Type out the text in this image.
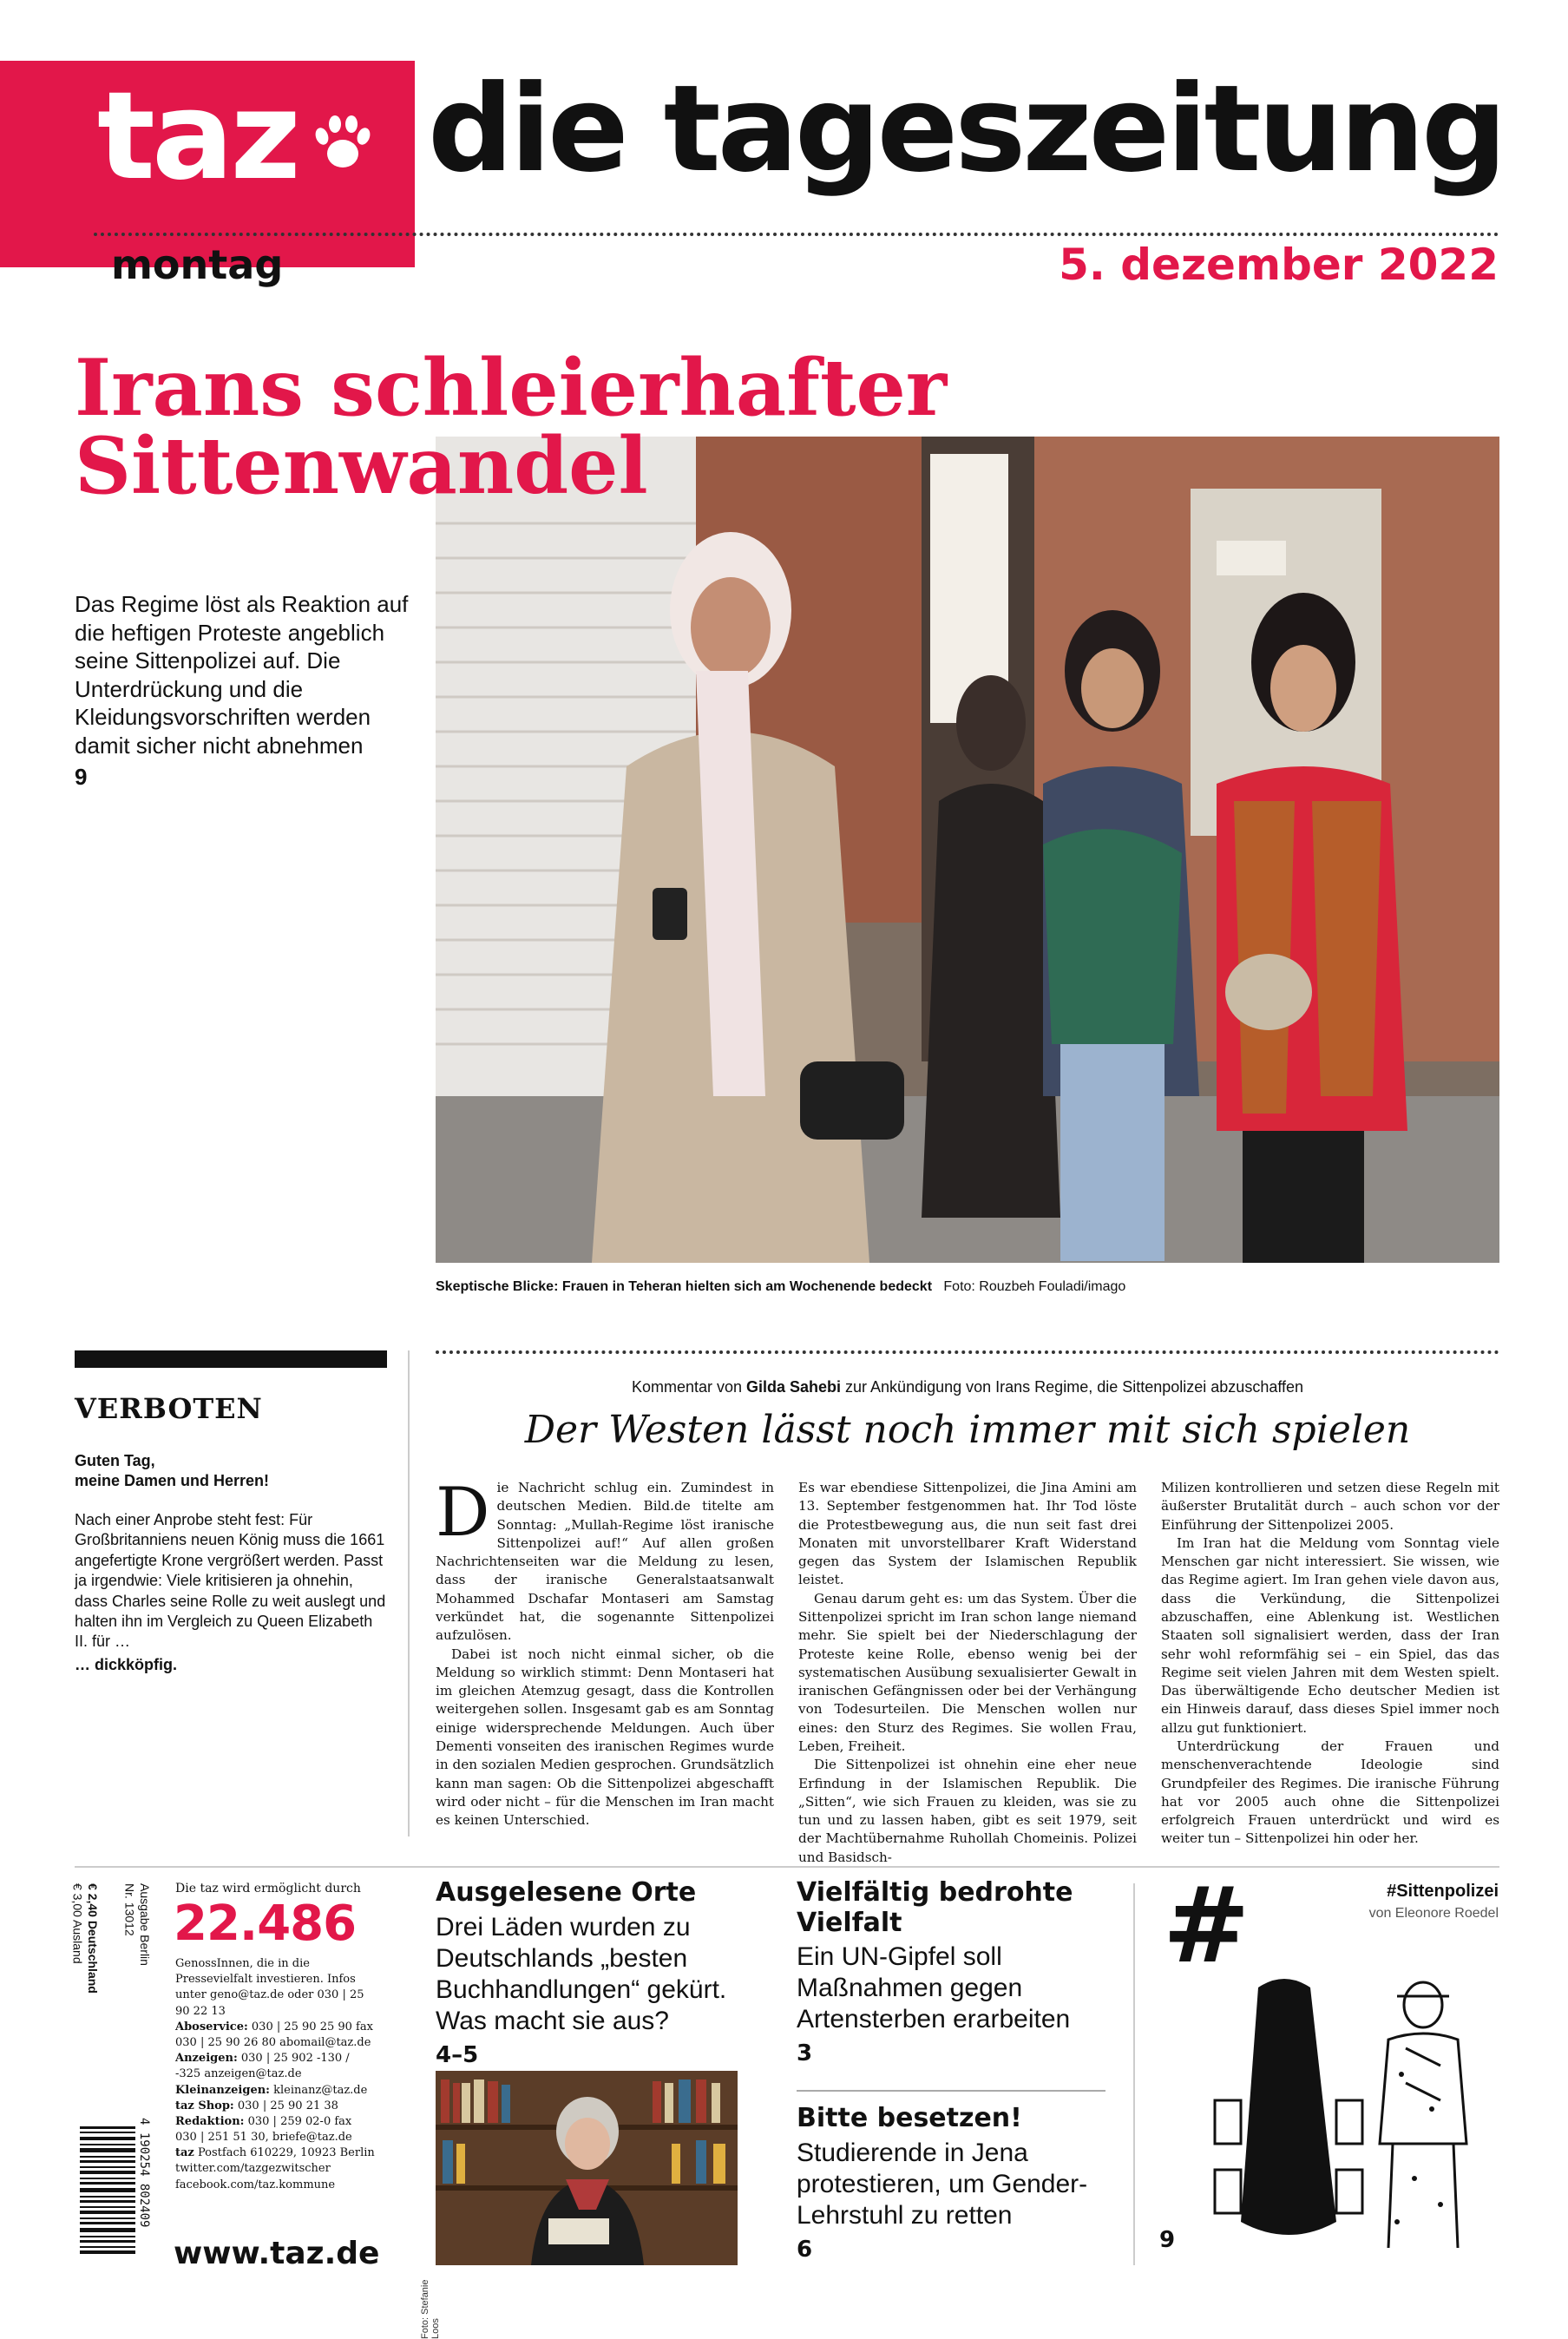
taz die tageszeitung
montag	5. dezember 2022
Irans schleierhafter
Sittenwandel
Das Regime löst als Reaktion auf die heftigen Proteste angeblich seine Sittenpolizei auf. Die Unterdrückung und die Kleidungsvorschriften werden damit sicher nicht abnehmen
9
Skeptische Blicke: Frauen in Teheran hielten sich am Wochenende bedeckt Foto: Rouzbeh Fouladi/imago
VERBOTEN
Guten Tag,
meine Damen und Herren!
Nach einer Anprobe steht fest: Für Großbritanniens neuen König muss die 1661 angefertigte Krone vergrößert werden. Passt ja irgendwie: Viele kritisieren ja ohnehin, dass Charles seine Rolle zu weit auslegt und halten ihn im Vergleich zu Queen Elizabeth II. für …
… dickköpfig.
Kommentar von Gilda Sahebi zur Ankündigung von Irans Regime, die Sittenpolizei abzuschaffen
Der Westen lässt noch immer mit sich spielen
D ie Nachricht schlug ein. Zumindest in deutschen Medien. Bild.de titelte am Sonntag: „Mullah-Regime löst iranische Sittenpolizei auf!“ Auf allen großen Nachrichtenseiten war die Meldung zu lesen, dass der iranische Generalstaatsanwalt Mohammed Dschafar Montaseri am Samstag verkündet hat, die sogenannte Sittenpolizei aufzulösen.

Dabei ist noch nicht einmal sicher, ob die Meldung so wirklich stimmt: Denn Montaseri hat im gleichen Atemzug gesagt, dass die Kontrollen weitergehen sollen. Insgesamt gab es am Sonntag einige widersprechende Meldungen. Auch über Dementi vonseiten des iranischen Regimes wurde in den sozialen Medien gesprochen. Grundsätzlich kann man sagen: Ob die Sittenpolizei abgeschafft wird oder nicht – für die Menschen im Iran macht es keinen Unterschied.

Es war ebendiese Sittenpolizei, die Jina Amini am 13. September festgenommen hat. Ihr Tod löste die Protestbewegung aus, die nun seit fast drei Monaten mit unvorstellbarer Kraft Widerstand gegen das System der Islamischen Republik leistet.

Genau darum geht es: um das System. Über die Sittenpolizei spricht im Iran schon lange niemand mehr. Sie spielt bei der Niederschlagung der Proteste keine Rolle, ebenso wenig bei der systematischen Ausübung sexualisierter Gewalt in iranischen Gefängnissen oder bei der Verhängung von Todesurteilen. Die Menschen wollen nur eines: den Sturz des Regimes. Sie wollen Frau, Leben, Freiheit.

Die Sittenpolizei ist ohnehin eine eher neue Erfindung in der Islamischen Republik. Die „Sitten“, wie sich Frauen zu kleiden, was sie zu tun und zu lassen haben, gibt es seit 1979, seit der Machtübernahme Ruhollah Chomeinis. Polizei und Basidsch-

Milizen kontrollieren und setzen diese Regeln mit äußerster Brutalität durch – auch schon vor der Einführung der Sittenpolizei 2005.

Im Iran hat die Meldung vom Sonntag viele Menschen gar nicht interessiert. Sie wissen, wie das Regime agiert. Im Iran gehen viele davon aus, dass die Verkündung, die Sittenpolizei abzuschaffen, eine Ablenkung ist. Westlichen Staaten soll signalisiert werden, dass der Iran sehr wohl reformfähig sei – ein Spiel, das das Regime seit vielen Jahren mit dem Westen spielt. Das überwältigende Echo deutscher Medien ist ein Hinweis darauf, dass dieses Spiel immer noch allzu gut funktioniert.

Unterdrückung der Frauen und menschenverachtende Ideologie sind Grundpfeiler des Regimes. Die iranische Führung hat vor 2005 auch ohne die Sittenpolizei erfolgreich Frauen unterdrückt und wird es weiter tun – Sittenpolizei hin oder her.

€ 2,40 Deutschland
€ 3,00 Ausland	Ausgabe Berlin
Nr. 13012
4 190254 802409
Die taz wird ermöglicht durch
22.486
GenossInnen, die in die Pressevielfalt investieren. Infos unter geno@taz.de oder 030 | 25 90 22 13
Aboservice: 030 | 25 90 25 90 fax 030 | 25 90 26 80 abomail@taz.de
Anzeigen: 030 | 25 902 -130 / -325 anzeigen@taz.de
Kleinanzeigen: kleinanz@taz.de
taz Shop: 030 | 25 90 21 38
Redaktion: 030 | 259 02-0 fax 030 | 251 51 30, briefe@taz.de
taz Postfach 610229, 10923 Berlin twitter.com/tazgezwitscher facebook.com/taz.kommune
www.taz.de
Ausgelesene Orte
Drei Läden wurden zu Deutschlands „besten Buchhandlungen“ gekürt. Was macht sie aus?
4–5
Foto: Stefanie Loos
Vielfältig bedrohte Vielfalt
Ein UN-Gipfel soll Maßnahmen gegen Artensterben erarbeiten
3
Bitte besetzen!
Studierende in Jena protestieren, um Gender-Lehrstuhl zu retten
6
#	#Sittenpolizei
von Eleonore Roedel
9
